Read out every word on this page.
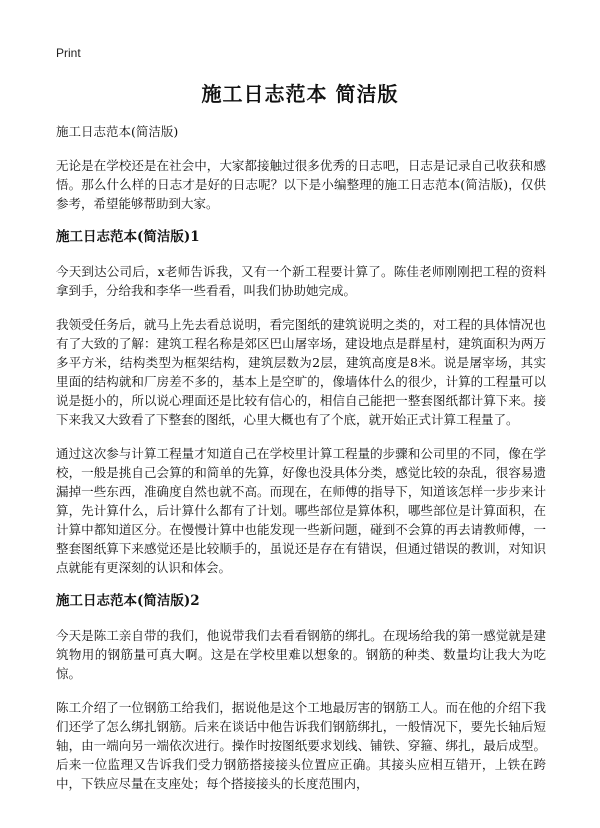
Print
施工日志范本 简洁版

施工日志范本(简洁版)

无论是在学校还是在社会中，大家都接触过很多优秀的日志吧，日志是记录自己收获和感悟。那么什么样的日志才是好的日志呢？以下是小编整理的施工日志范本(简洁版)，仅供参考，希望能够帮助到大家。

施工日志范本(简洁版)1

今天到达公司后，x老师告诉我，又有一个新工程要计算了。陈佳老师刚刚把工程的资料拿到手，分给我和李华一些看看，叫我们协助她完成。

我领受任务后，就马上先去看总说明，看完图纸的建筑说明之类的，对工程的具体情况也有了大致的了解：建筑工程名称是郊区巴山屠宰场，建设地点是群星村，建筑面积为两万多平方米，结构类型为框架结构，建筑层数为2层，建筑高度是8米。说是屠宰场，其实里面的结构就和厂房差不多的，基本上是空旷的，像墙体什么的很少，计算的工程量可以说是挺小的，所以说心理面还是比较有信心的，相信自己能把一整套图纸都计算下来。接下来我又大致看了下整套的图纸，心里大概也有了个底，就开始正式计算工程量了。

通过这次参与计算工程量才知道自己在学校里计算工程量的步骤和公司里的不同，像在学校，一般是挑自己会算的和简单的先算，好像也没具体分类，感觉比较的杂乱，很容易遗漏掉一些东西，准确度自然也就不高。而现在，在师傅的指导下，知道该怎样一步步来计算，先计算什么，后计算什么都有了计划。哪些部位是算体积，哪些部位是计算面积，在计算中都知道区分。在慢慢计算中也能发现一些新问题，碰到不会算的再去请教师傅，一整套图纸算下来感觉还是比较顺手的，虽说还是存在有错误，但通过错误的教训，对知识点就能有更深刻的认识和体会。

施工日志范本(简洁版)2

今天是陈工亲自带的我们，他说带我们去看看钢筋的绑扎。在现场给我的第一感觉就是建筑物用的钢筋量可真大啊。这是在学校里难以想象的。钢筋的种类、数量均让我大为吃惊。

陈工介绍了一位钢筋工给我们，据说他是这个工地最厉害的钢筋工人。而在他的介绍下我们还学了怎么绑扎钢筋。后来在谈话中他告诉我们钢筋绑扎，一般情况下，要先长轴后短轴，由一端向另一端依次进行。操作时按图纸要求划线、铺铁、穿箍、绑扎，最后成型。后来一位监理又告诉我们受力钢筋搭接接头位置应正确。其接头应相互错开，上铁在跨中，下铁应尽量在支座处；每个搭接接头的长度范围内，
